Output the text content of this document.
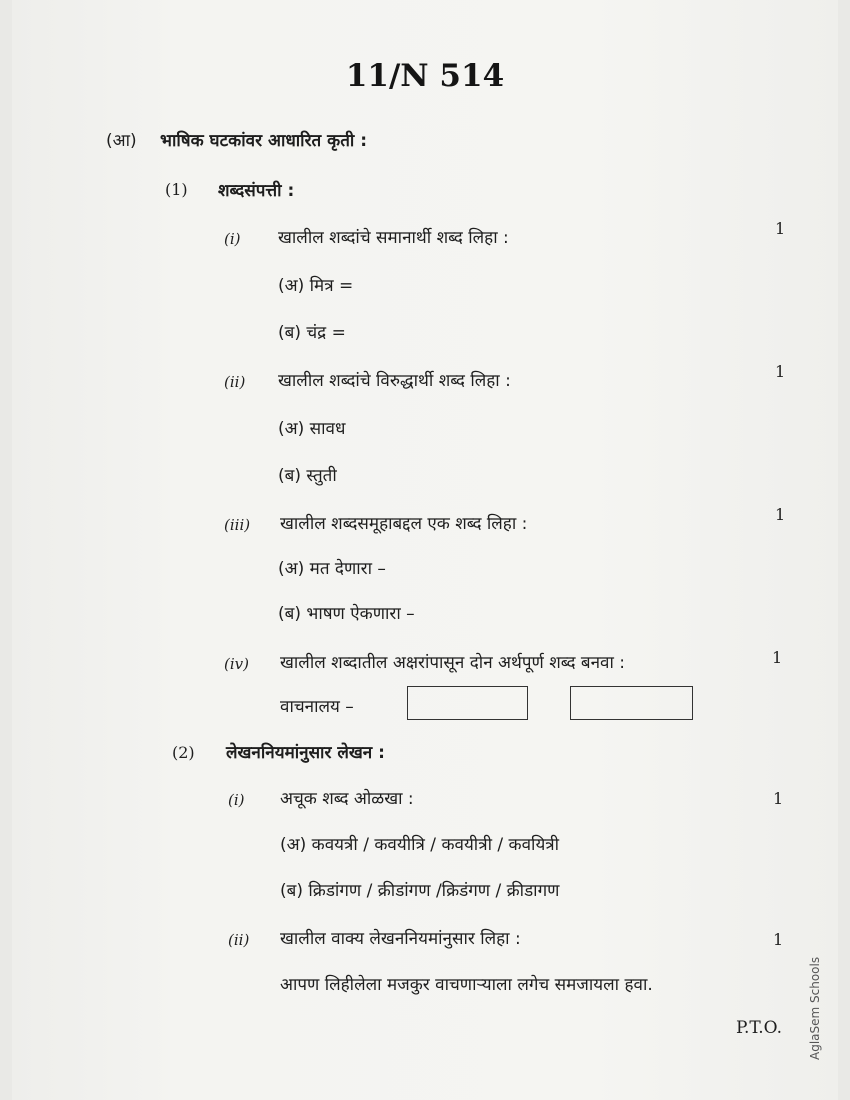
11/N 514
(आ) भाषिक घटकांवर आधारित कृती :
(1) शब्दसंपत्ती :
(i) खालील शब्दांचे समानार्थी शब्द लिहा :	1
(अ) मित्र =
(ब) चंद्र =
(ii) खालील शब्दांचे विरुद्धार्थी शब्द लिहा :	1
(अ) सावध
(ब) स्तुती
(iii) खालील शब्दसमूहाबद्दल एक शब्द लिहा :	1
(अ) मत देणारा –
(ब) भाषण ऐकणारा –
(iv) खालील शब्दातील अक्षरांपासून दोन अर्थपूर्ण शब्द बनवा :	1
वाचनालय –
(2) लेखननियमांनुसार लेखन :
(i) अचूक शब्द ओळखा :	1
(अ) कवयत्री / कवयीत्रि / कवयीत्री / कवयित्री
(ब) क्रिडांगण / क्रीडांगण /क्रिडंगण / क्रीडागण
(ii) खालील वाक्य लेखननियमांनुसार लिहा :	1
आपण लिहीलेला मजकुर वाचणाऱ्याला लगेच समजायला हवा.
P.T.O. AglaSem Schools
